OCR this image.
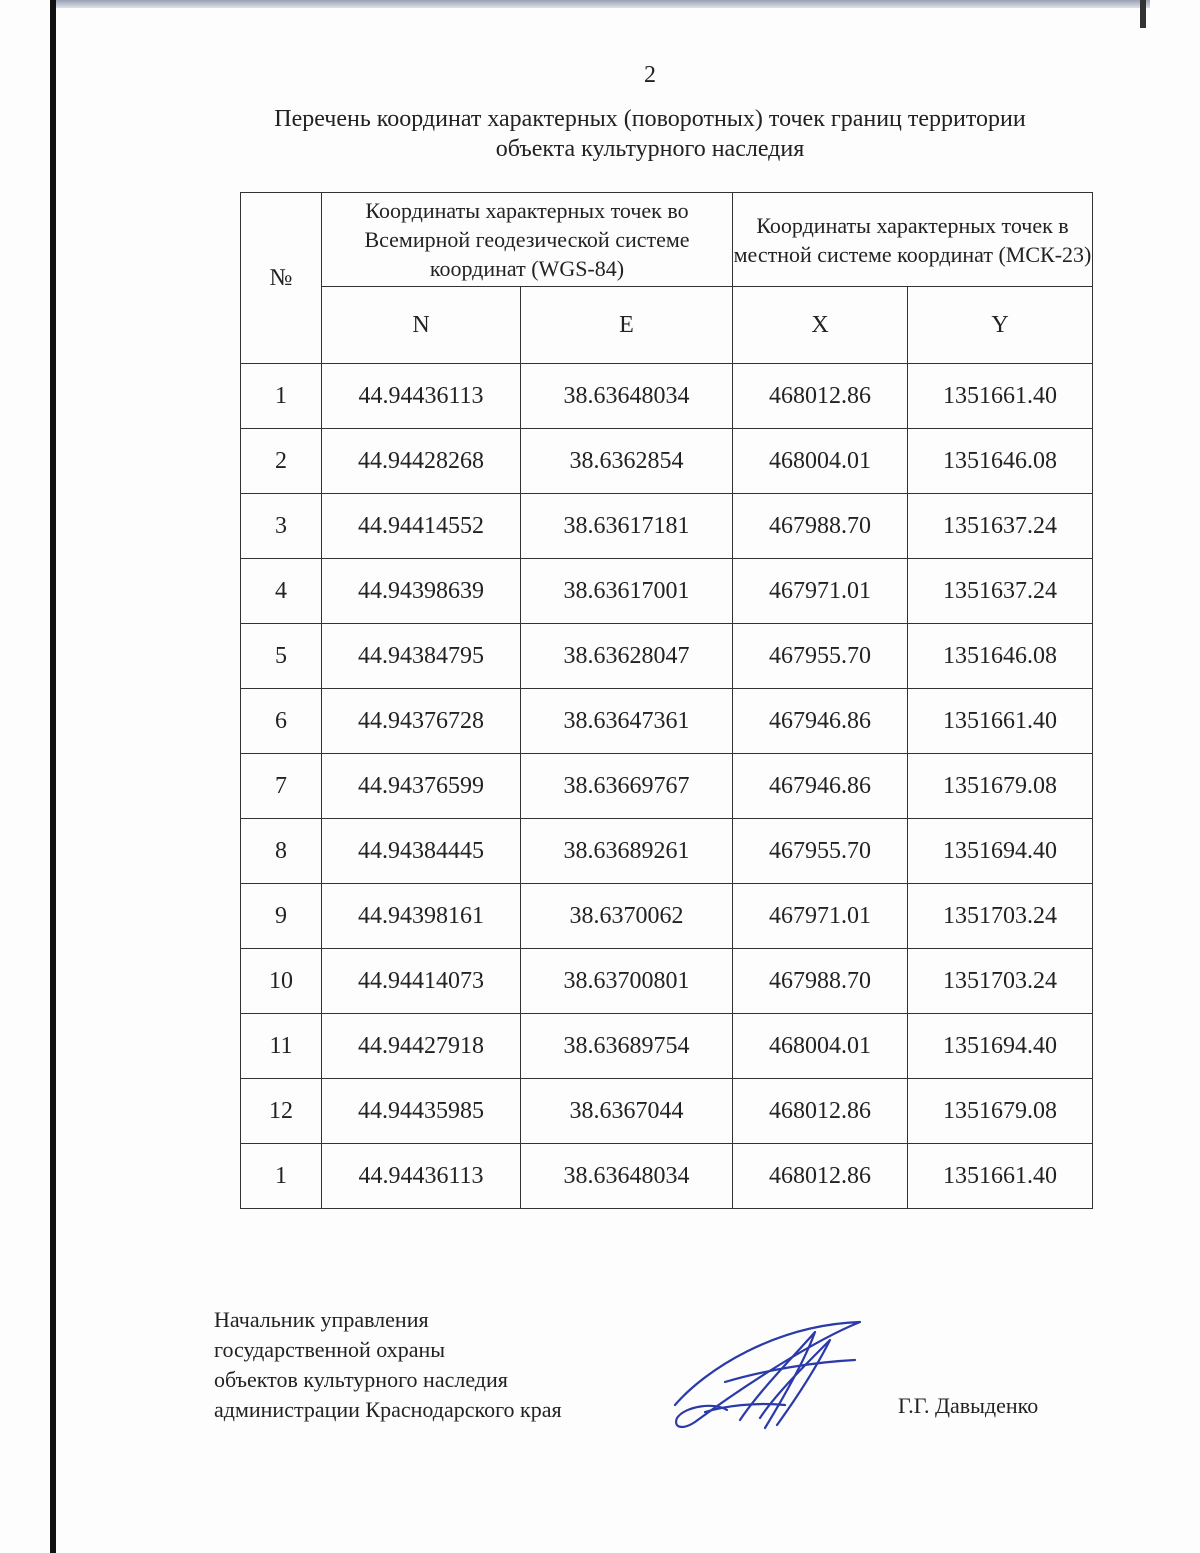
2
Перечень координат характерных (поворотных) точек границ территории
объекта культурного наследия
№	Координаты характерных точек во Всемирной геодезической системе координат (WGS-84)		Координаты характерных точек в местной системе координат (МСК-23)	
	N	E	X	Y
1	44.94436113	38.63648034	468012.86	1351661.40
2	44.94428268	38.6362854	468004.01	1351646.08
3	44.94414552	38.63617181	467988.70	1351637.24
4	44.94398639	38.63617001	467971.01	1351637.24
5	44.94384795	38.63628047	467955.70	1351646.08
6	44.94376728	38.63647361	467946.86	1351661.40
7	44.94376599	38.63669767	467946.86	1351679.08
8	44.94384445	38.63689261	467955.70	1351694.40
9	44.94398161	38.6370062	467971.01	1351703.24
10	44.94414073	38.63700801	467988.70	1351703.24
11	44.94427918	38.63689754	468004.01	1351694.40
12	44.94435985	38.6367044	468012.86	1351679.08
1	44.94436113	38.63648034	468012.86	1351661.40
Начальник управления
государственной охраны
объектов культурного наследия
администрации Краснодарского края	Г.Г. Давыденко
